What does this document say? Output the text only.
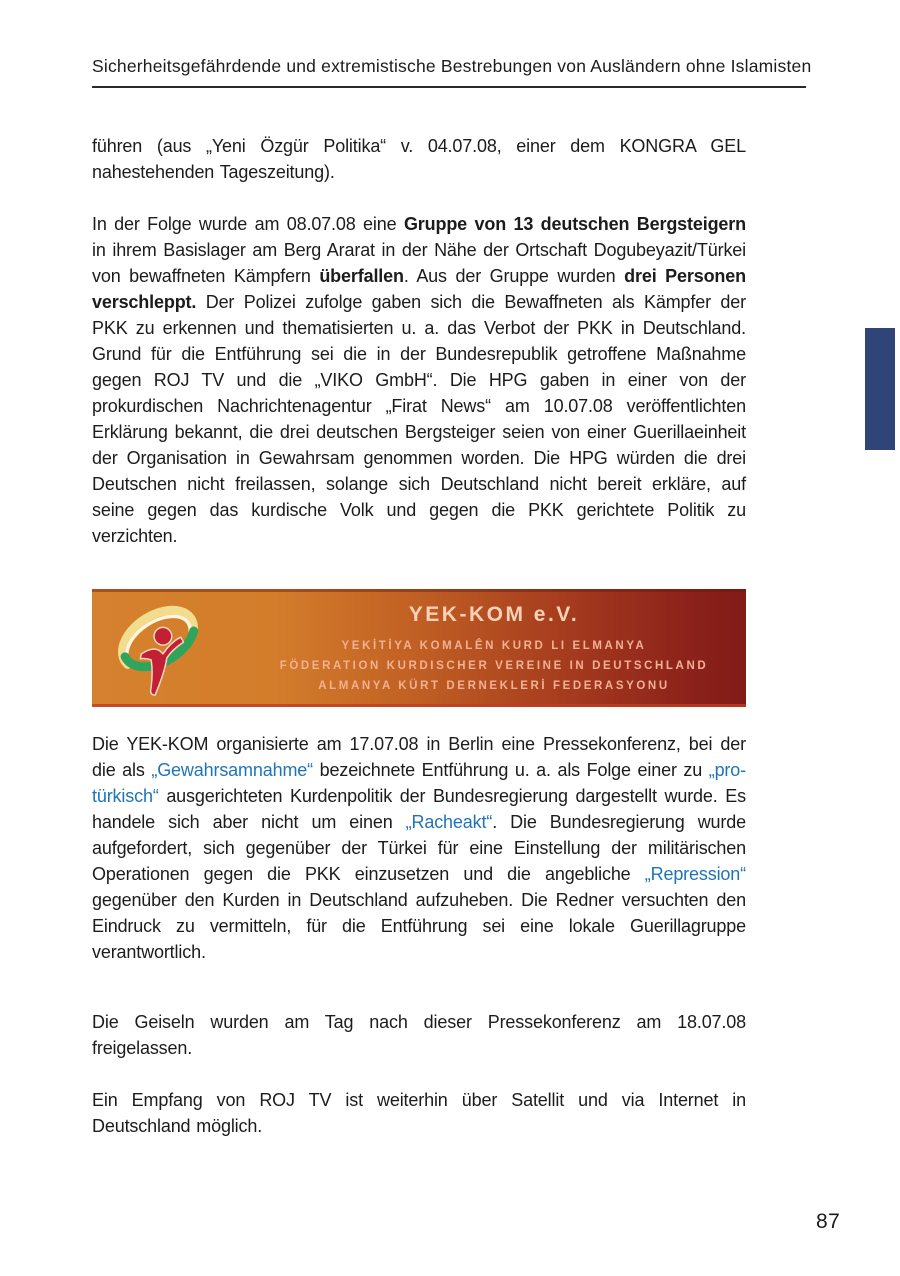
Sicherheitsgefährdende und extremistische Bestrebungen von Ausländern ohne Islamisten

führen (aus „Yeni Özgür Politika“ v. 04.07.08, einer dem KONGRA GEL nahestehenden Tageszeitung).

In der Folge wurde am 08.07.08 eine Gruppe von 13 deutschen Bergsteigern in ihrem Basislager am Berg Ararat in der Nähe der Ortschaft Dogubeyazit/Türkei von bewaffneten Kämpfern überfallen. Aus der Gruppe wurden drei Personen verschleppt. Der Polizei zufolge gaben sich die Bewaffneten als Kämpfer der PKK zu erkennen und thematisierten u. a. das Verbot der PKK in Deutschland. Grund für die Entführung sei die in der Bundesrepublik getroffene Maßnahme gegen ROJ TV und die „VIKO GmbH“. Die HPG gaben in einer von der prokurdischen Nachrichtenagentur „Firat News“ am 10.07.08 veröffentlichten Erklärung bekannt, die drei deutschen Bergsteiger seien von einer Guerillaeinheit der Organisation in Gewahrsam genommen worden. Die HPG würden die drei Deutschen nicht freilassen, solange sich Deutschland nicht bereit erkläre, auf seine gegen das kurdische Volk und gegen die PKK gerichtete Politik zu verzichten.

YEK-KOM e.V.
YEKİTİYA KOMALÊN KURD LI ELMANYA
FÖDERATION KURDISCHER VEREINE IN DEUTSCHLAND
ALMANYA KÜRT DERNEKLERİ FEDERASYONU

Die YEK-KOM organisierte am 17.07.08 in Berlin eine Pressekonferenz, bei der die als „Gewahrsamnahme“ bezeichnete Entführung u. a. als Folge einer zu „pro-türkisch“ ausgerichteten Kurdenpolitik der Bundesregierung dargestellt wurde. Es handele sich aber nicht um einen „Racheakt“. Die Bundesregierung wurde aufgefordert, sich gegenüber der Türkei für eine Einstellung der militärischen Operationen gegen die PKK einzusetzen und die angebliche „Repression“ gegenüber den Kurden in Deutschland aufzuheben. Die Redner versuchten den Eindruck zu vermitteln, für die Entführung sei eine lokale Guerillagruppe verantwortlich.

Die Geiseln wurden am Tag nach dieser Pressekonferenz am 18.07.08 freigelassen.

Ein Empfang von ROJ TV ist weiterhin über Satellit und via Internet in Deutschland möglich.

87
